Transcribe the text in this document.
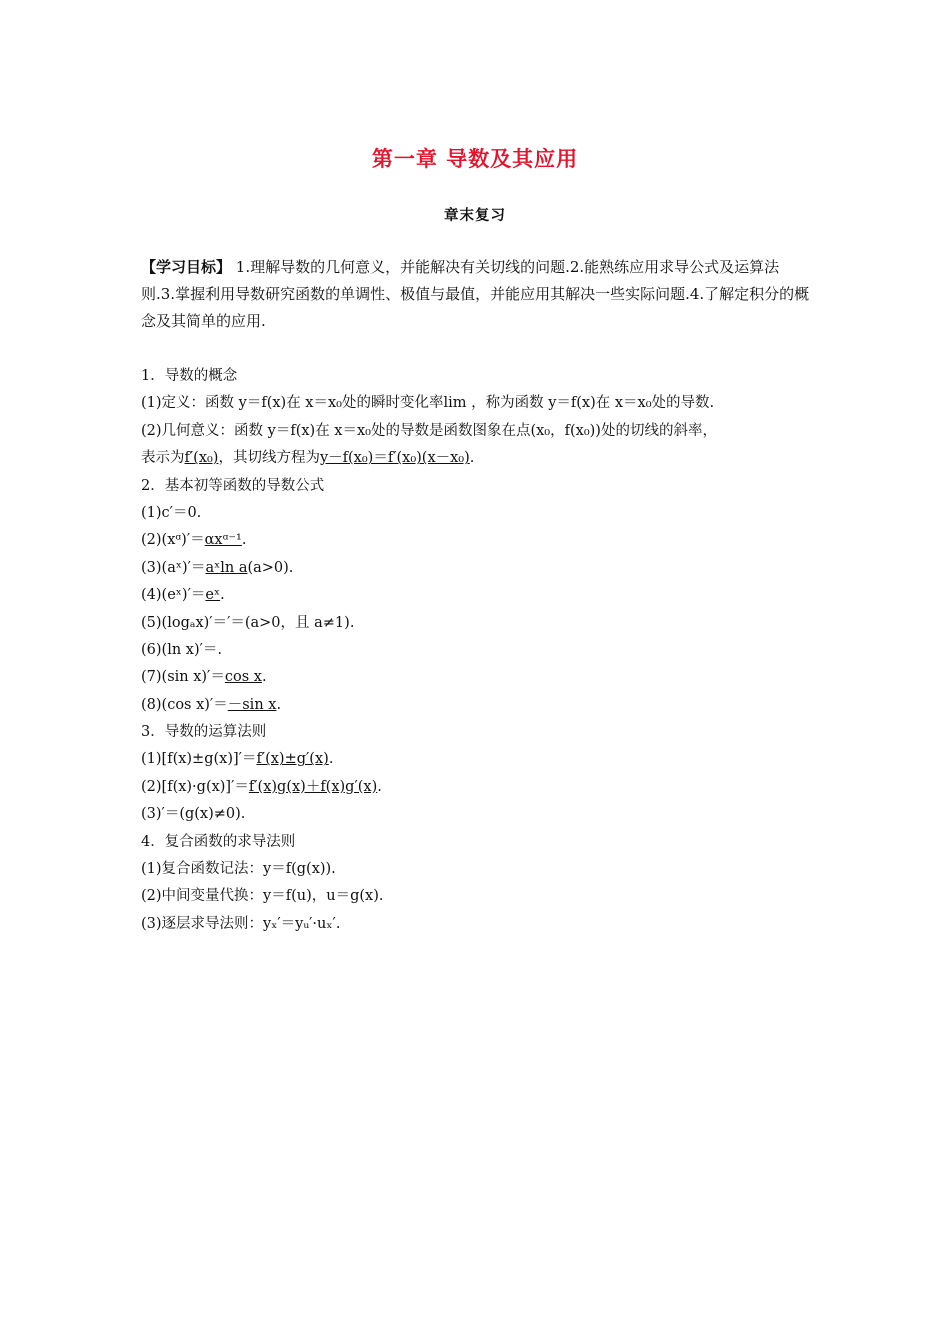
第一章 导数及其应用
章末复习
【学习目标】 1.理解导数的几何意义，并能解决有关切线的问题.2.能熟练应用求导公式及运算法则.3.掌握利用导数研究函数的单调性、极值与最值，并能应用其解决一些实际问题.4.了解定积分的概念及其简单的应用.
1．导数的概念
(1)定义：函数 y＝f(x)在 x＝x₀处的瞬时变化率lim ，称为函数 y＝f(x)在 x＝x₀处的导数.
(2)几何意义：函数 y＝f(x)在 x＝x₀处的导数是函数图象在点(x₀，f(x₀))处的切线的斜率，
表示为f′(x₀)，其切线方程为y－f(x₀)＝f′(x₀)(x－x₀).
2．基本初等函数的导数公式
(1)c′＝0.
(2)(xᵅ)′＝αxᵅ⁻¹.
(3)(aˣ)′＝aˣln a(a>0).
(4)(eˣ)′＝eˣ.
(5)(logₐx)′＝′＝(a>0，且 a≠1).
(6)(ln x)′＝.
(7)(sin x)′＝cos x.
(8)(cos x)′＝－sin x.
3．导数的运算法则
(1)[f(x)±g(x)]′＝f′(x)±g′(x).
(2)[f(x)·g(x)]′＝f′(x)g(x)＋f(x)g′(x).
(3)′＝(g(x)≠0).
4．复合函数的求导法则
(1)复合函数记法：y＝f(g(x)).
(2)中间变量代换：y＝f(u)，u＝g(x).
(3)逐层求导法则：yₓ′＝yᵤ′·uₓ′.
